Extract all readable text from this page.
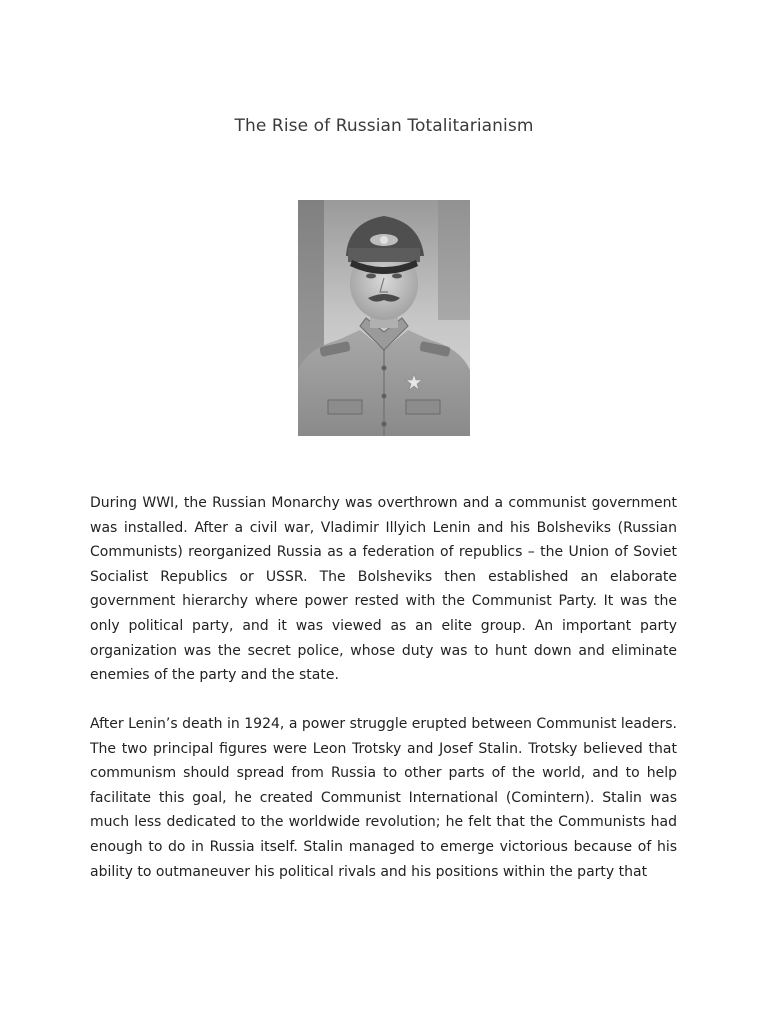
The Rise of Russian Totalitarianism

During WWI, the Russian Monarchy was overthrown and a communist government was installed. After a civil war, Vladimir Illyich Lenin and his Bolsheviks (Russian Communists) reorganized Russia as a federation of republics – the Union of Soviet Socialist Republics or USSR. The Bolsheviks then established an elaborate government hierarchy where power rested with the Communist Party. It was the only political party, and it was viewed as an elite group. An important party organization was the secret police, whose duty was to hunt down and eliminate enemies of the party and the state.

After Lenin’s death in 1924, a power struggle erupted between Communist leaders. The two principal figures were Leon Trotsky and Josef Stalin. Trotsky believed that communism should spread from Russia to other parts of the world, and to help facilitate this goal, he created Communist International (Comintern). Stalin was much less dedicated to the worldwide revolution; he felt that the Communists had enough to do in Russia itself. Stalin managed to emerge victorious because of his ability to outmaneuver his political rivals and his positions within the party that
